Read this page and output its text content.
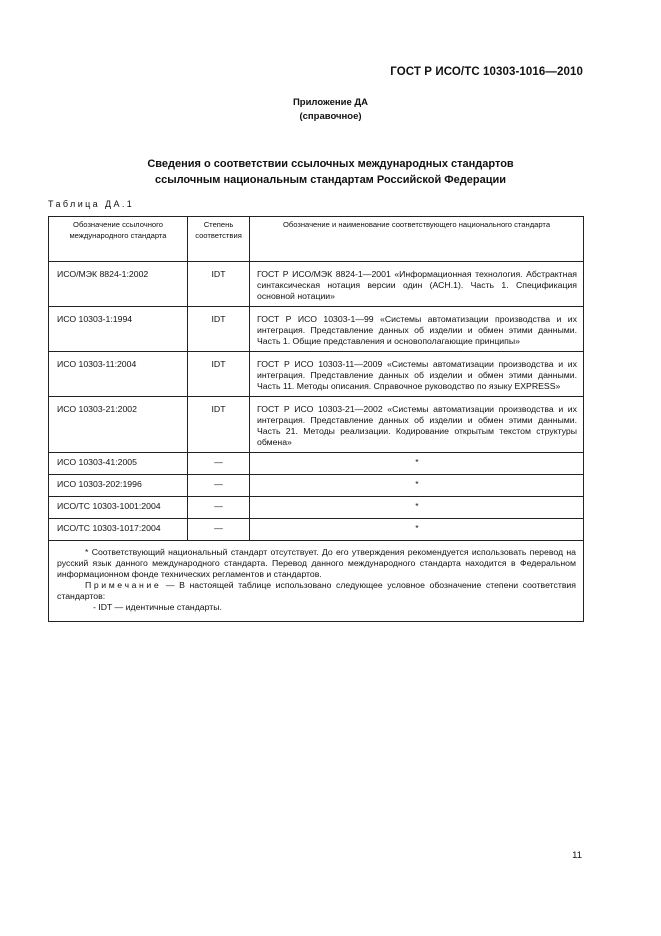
ГОСТ Р ИСО/ТС 10303-1016—2010
Приложение ДА
(справочное)
Сведения о соответствии ссылочных международных стандартов
ссылочным национальным стандартам Российской Федерации
Таблица ДА.1
Обозначение ссылочного международного стандарта	Степень соответствия	Обозначение и наименование соответствующего национального стандарта
ИСО/МЭК 8824-1:2002	IDT	ГОСТ Р ИСО/МЭК 8824-1—2001 «Информационная технология. Абстрактная синтаксическая нотация версии один (АСН.1). Часть 1. Спецификация основной нотации»
ИСО 10303-1:1994	IDT	ГОСТ Р ИСО 10303-1—99 «Системы автоматизации производства и их интеграция. Представление данных об изделии и обмен этими данными. Часть 1. Общие представления и основополагающие принципы»
ИСО 10303-11:2004	IDT	ГОСТ Р ИСО 10303-11—2009 «Системы автоматизации производства и их интеграция. Представление данных об изделии и обмен этими данными. Часть 11. Методы описания. Справочное руководство по языку EXPRESS»
ИСО 10303-21:2002	IDT	ГОСТ Р ИСО 10303-21—2002 «Системы автоматизации производства и их интеграция. Представление данных об изделии и обмен этими данными. Часть 21. Методы реализации. Кодирование открытым текстом структуры обмена»
ИСО 10303-41:2005	—	*
ИСО 10303-202:1996	—	*
ИСО/ТС 10303-1001:2004	—	*
ИСО/ТС 10303-1017:2004	—	*

* Соответствующий национальный стандарт отсутствует. До его утверждения рекомендуется использовать перевод на русский язык данного международного стандарта. Перевод данного международного стандарта находится в Федеральном информационном фонде технических регламентов и стандартов.

Примечание — В настоящей таблице использовано следующее условное обозначение степени соответствия стандартов:

- IDT — идентичные стандарты.		

11
